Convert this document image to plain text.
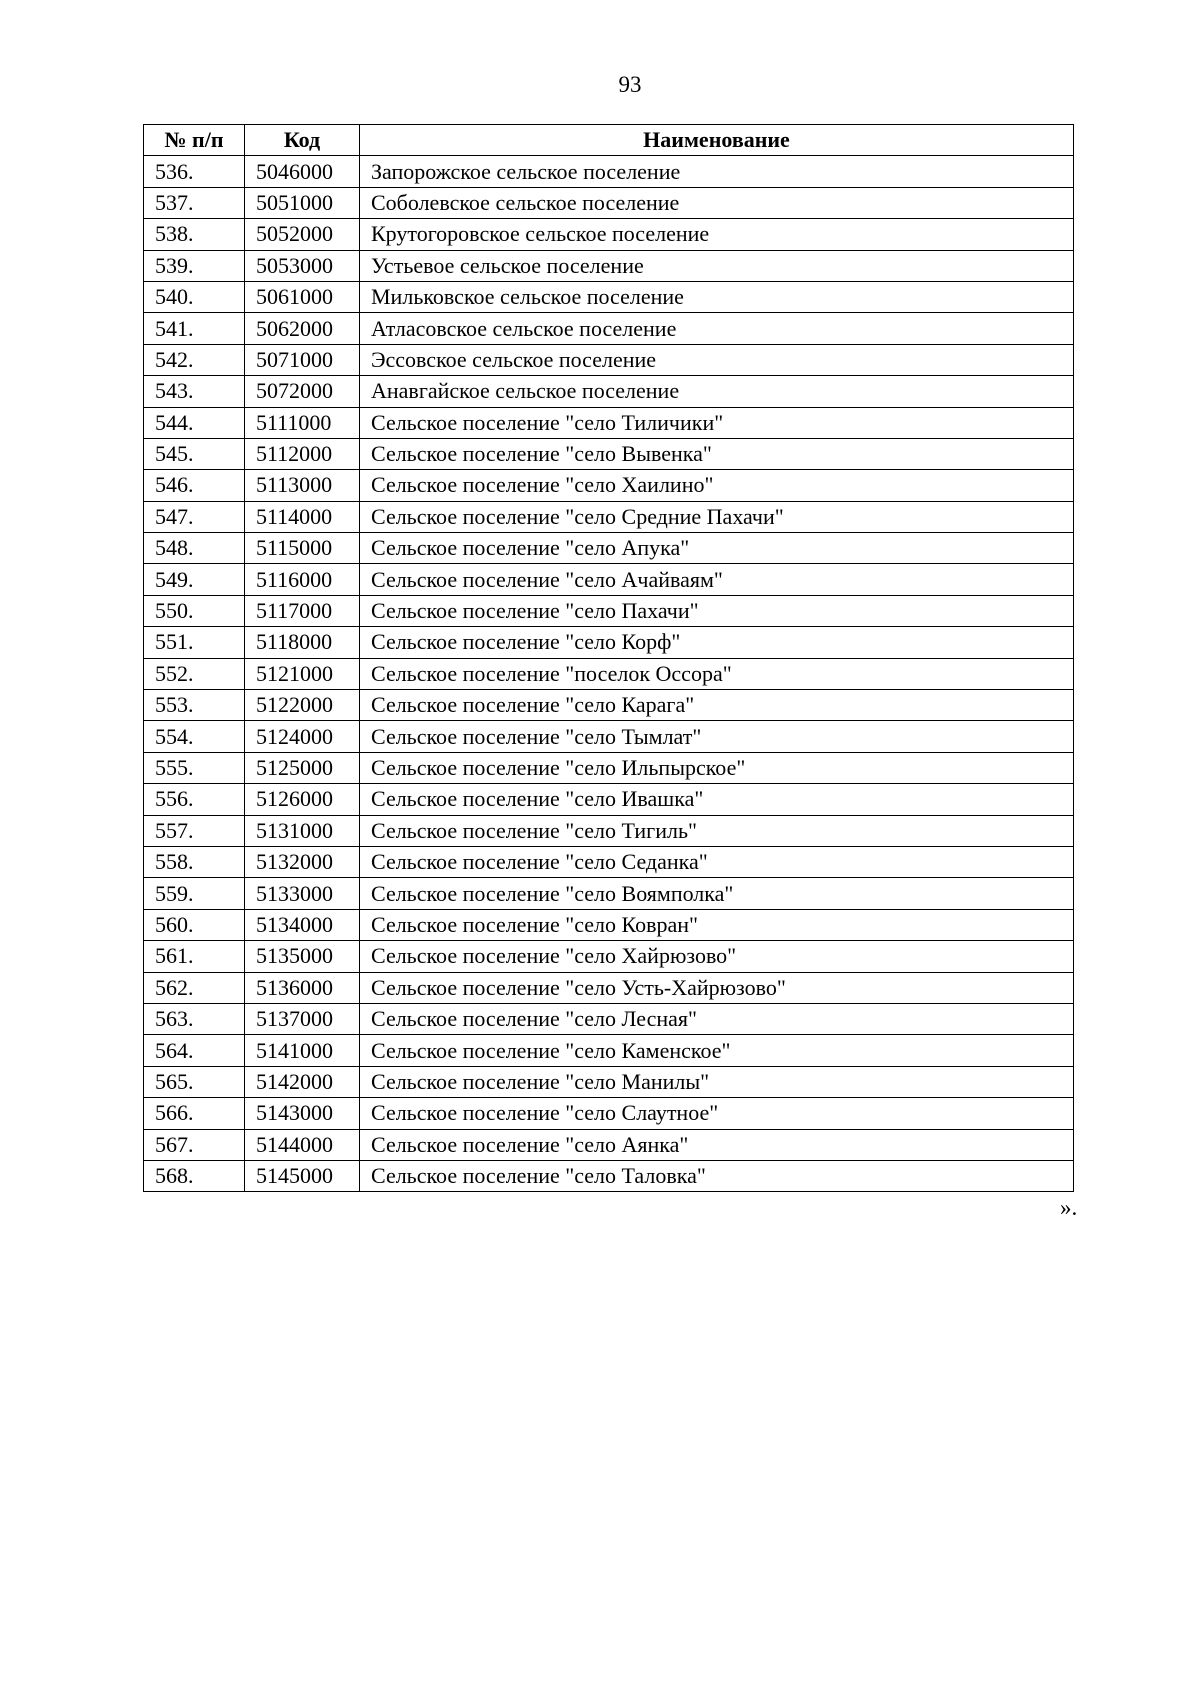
93
№ п/п	Код	Наименование
536.	5046000	Запорожское сельское поселение
537.	5051000	Соболевское сельское поселение
538.	5052000	Крутогоровское сельское поселение
539.	5053000	Устьевое сельское поселение
540.	5061000	Мильковское сельское поселение
541.	5062000	Атласовское сельское поселение
542.	5071000	Эссовское сельское поселение
543.	5072000	Анавгайское сельское поселение
544.	5111000	Сельское поселение "село Тиличики"
545.	5112000	Сельское поселение "село Вывенка"
546.	5113000	Сельское поселение "село Хаилино"
547.	5114000	Сельское поселение "село Средние Пахачи"
548.	5115000	Сельское поселение "село Апука"
549.	5116000	Сельское поселение "село Ачайваям"
550.	5117000	Сельское поселение "село Пахачи"
551.	5118000	Сельское поселение "село Корф"
552.	5121000	Сельское поселение "поселок Оссора"
553.	5122000	Сельское поселение "село Карага"
554.	5124000	Сельское поселение "село Тымлат"
555.	5125000	Сельское поселение "село Ильпырское"
556.	5126000	Сельское поселение "село Ивашка"
557.	5131000	Сельское поселение "село Тигиль"
558.	5132000	Сельское поселение "село Седанка"
559.	5133000	Сельское поселение "село Воямполка"
560.	5134000	Сельское поселение "село Ковран"
561.	5135000	Сельское поселение "село Хайрюзово"
562.	5136000	Сельское поселение "село Усть-Хайрюзово"
563.	5137000	Сельское поселение "село Лесная"
564.	5141000	Сельское поселение "село Каменское"
565.	5142000	Сельское поселение "село Манилы"
566.	5143000	Сельское поселение "село Слаутное"
567.	5144000	Сельское поселение "село Аянка"
568.	5145000	Сельское поселение "село Таловка"
».
